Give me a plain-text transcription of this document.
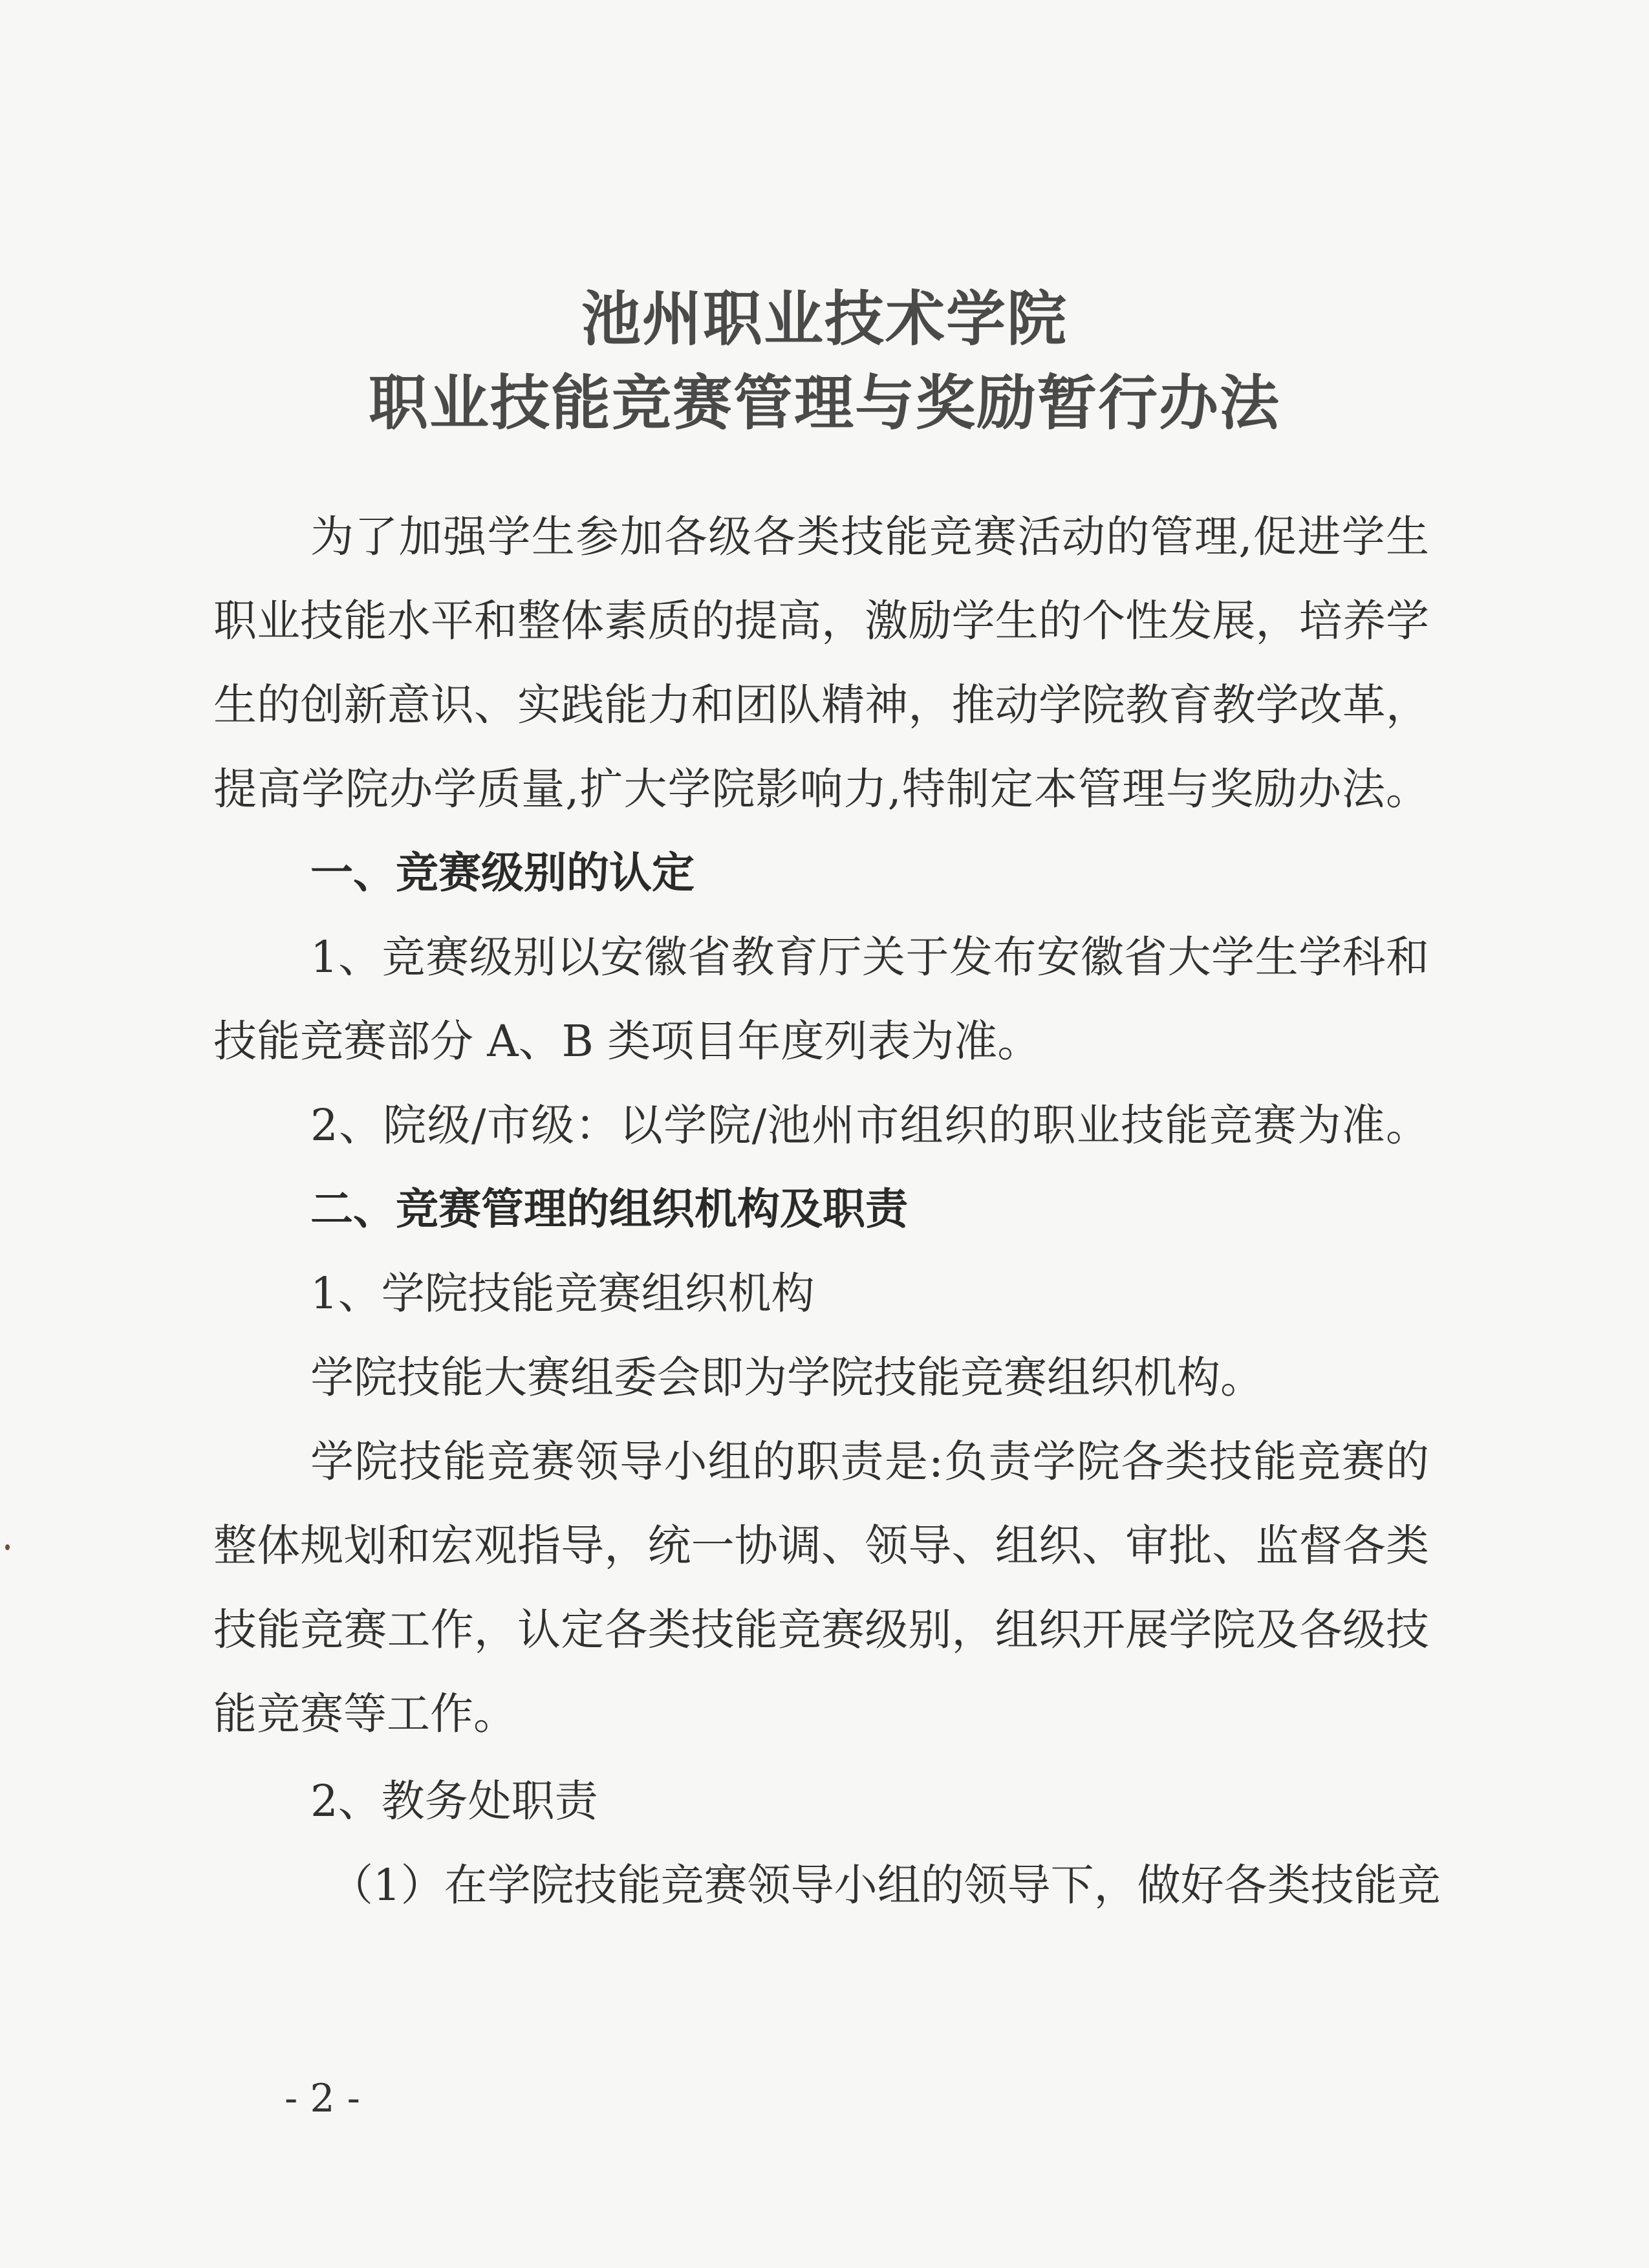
池州职业技术学院
职业技能竞赛管理与奖励暂行办法
为了加强学生参加各级各类技能竞赛活动的管理,促进学生
职业技能水平和整体素质的提高，激励学生的个性发展，培养学
生的创新意识、实践能力和团队精神，推动学院教育教学改革，
提高学院办学质量,扩大学院影响力,特制定本管理与奖励办法。
一、竞赛级别的认定
1、竞赛级别以安徽省教育厅关于发布安徽省大学生学科和
技能竞赛部分 A、B 类项目年度列表为准。
2、院级/市级：以学院/池州市组织的职业技能竞赛为准。
二、竞赛管理的组织机构及职责
1、学院技能竞赛组织机构
学院技能大赛组委会即为学院技能竞赛组织机构。
学院技能竞赛领导小组的职责是:负责学院各类技能竞赛的
整体规划和宏观指导，统一协调、领导、组织、审批、监督各类
技能竞赛工作，认定各类技能竞赛级别，组织开展学院及各级技
能竞赛等工作。
2、教务处职责
（1）在学院技能竞赛领导小组的领导下，做好各类技能竞
- 2 -
